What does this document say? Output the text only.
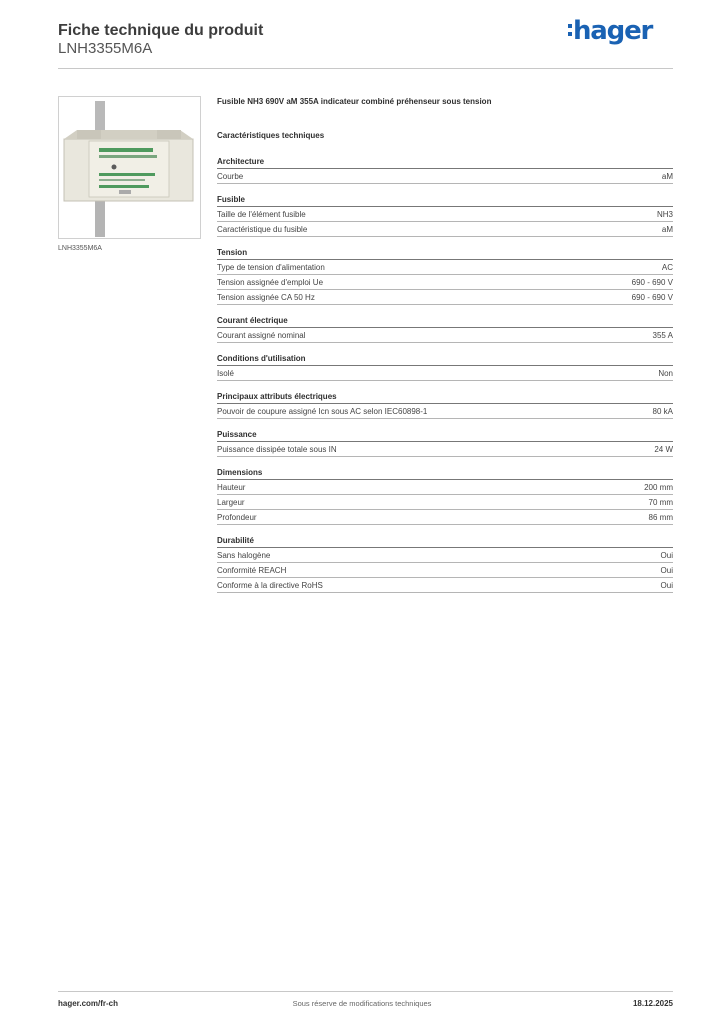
Fiche technique du produit
LNH3355M6A
hager
LNH3355M6A
Fusible NH3 690V aM 355A indicateur combiné préhenseur sous tension
Caractéristiques techniques
Architecture
Courbe	aM
Fusible
Taille de l'élément fusible	NH3
Caractéristique du fusible	aM
Tension
Type de tension d'alimentation	AC
Tension assignée d'emploi Ue	690 - 690 V
Tension assignée CA 50 Hz	690 - 690 V
Courant électrique
Courant assigné nominal	355 A
Conditions d'utilisation
Isolé	Non
Principaux attributs électriques
Pouvoir de coupure assigné Icn sous AC selon IEC60898-1	80 kA
Puissance
Puissance dissipée totale sous IN	24 W
Dimensions
Hauteur	200 mm
Largeur	70 mm
Profondeur	86 mm
Durabilité
Sans halogène	Oui
Conformité REACH	Oui
Conforme à la directive RoHS	Oui
hager.com/fr-ch	Sous réserve de modifications techniques	18.12.2025
